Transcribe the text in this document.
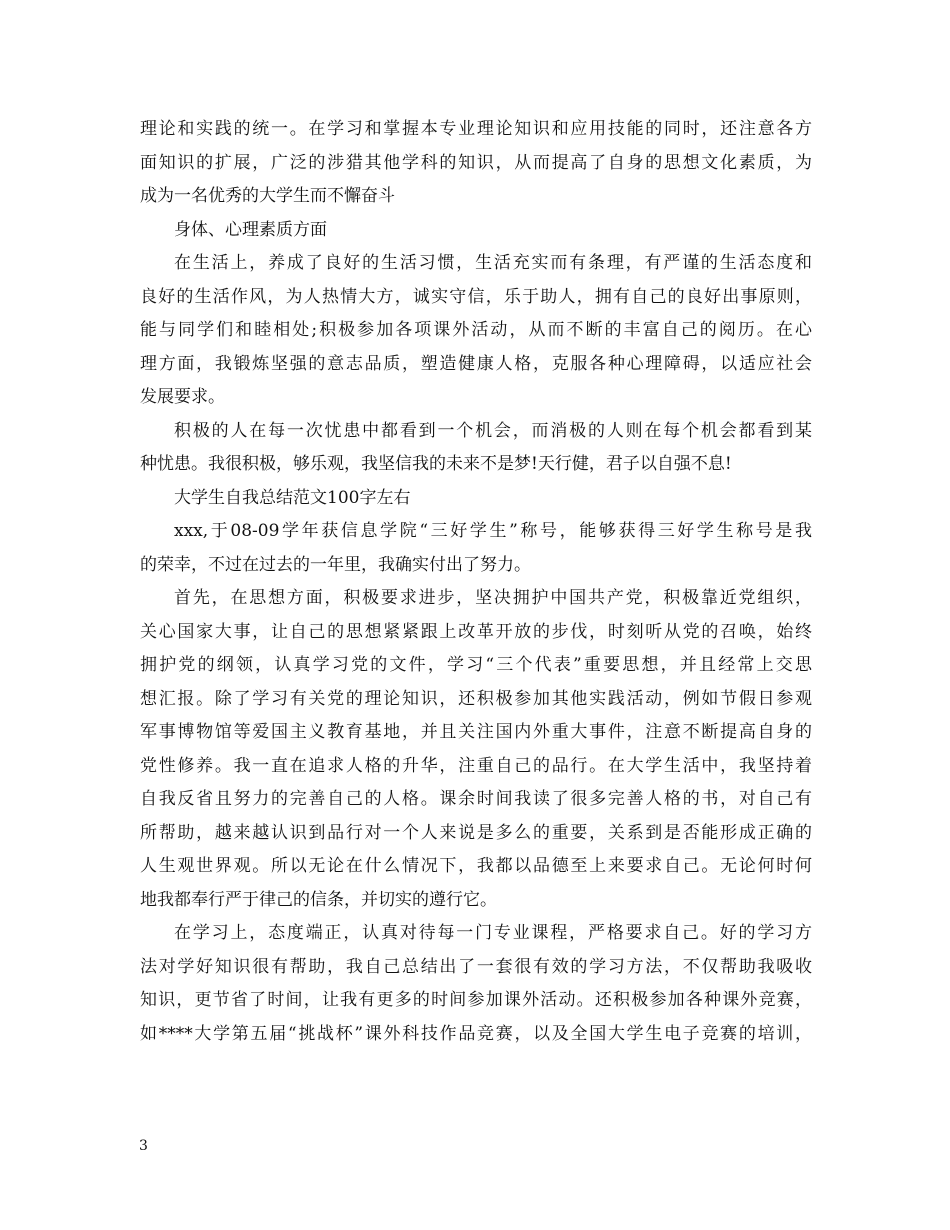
理论和实践的统一。在学习和掌握本专业理论知识和应用技能的同时，还注意各方
面知识的扩展，广泛的涉猎其他学科的知识，从而提高了自身的思想文化素质，为
成为一名优秀的大学生而不懈奋斗
身体、心理素质方面
在生活上，养成了良好的生活习惯，生活充实而有条理，有严谨的生活态度和
良好的生活作风，为人热情大方，诚实守信，乐于助人，拥有自己的良好出事原则，
能与同学们和睦相处;积极参加各项课外活动，从而不断的丰富自己的阅历。在心
理方面，我锻炼坚强的意志品质，塑造健康人格，克服各种心理障碍，以适应社会
发展要求。
积极的人在每一次忧患中都看到一个机会，而消极的人则在每个机会都看到某
种忧患。我很积极，够乐观，我坚信我的未来不是梦!天行健，君子以自强不息!
大学生自我总结范文100字左右
xxx,于08-09学年获信息学院“三好学生”称号，能够获得三好学生称号是我
的荣幸，不过在过去的一年里，我确实付出了努力。
首先，在思想方面，积极要求进步，坚决拥护中国共产党，积极靠近党组织，
关心国家大事，让自己的思想紧紧跟上改革开放的步伐，时刻听从党的召唤，始终
拥护党的纲领，认真学习党的文件，学习“三个代表”重要思想，并且经常上交思
想汇报。除了学习有关党的理论知识，还积极参加其他实践活动，例如节假日参观
军事博物馆等爱国主义教育基地，并且关注国内外重大事件，注意不断提高自身的
党性修养。我一直在追求人格的升华，注重自己的品行。在大学生活中，我坚持着
自我反省且努力的完善自己的人格。课余时间我读了很多完善人格的书，对自己有
所帮助，越来越认识到品行对一个人来说是多么的重要，关系到是否能形成正确的
人生观世界观。所以无论在什么情况下，我都以品德至上来要求自己。无论何时何
地我都奉行严于律己的信条，并切实的遵行它。
在学习上，态度端正，认真对待每一门专业课程，严格要求自己。好的学习方
法对学好知识很有帮助，我自己总结出了一套很有效的学习方法，不仅帮助我吸收
知识，更节省了时间，让我有更多的时间参加课外活动。还积极参加各种课外竞赛，
如****大学第五届“挑战杯”课外科技作品竞赛，以及全国大学生电子竞赛的培训，
3
